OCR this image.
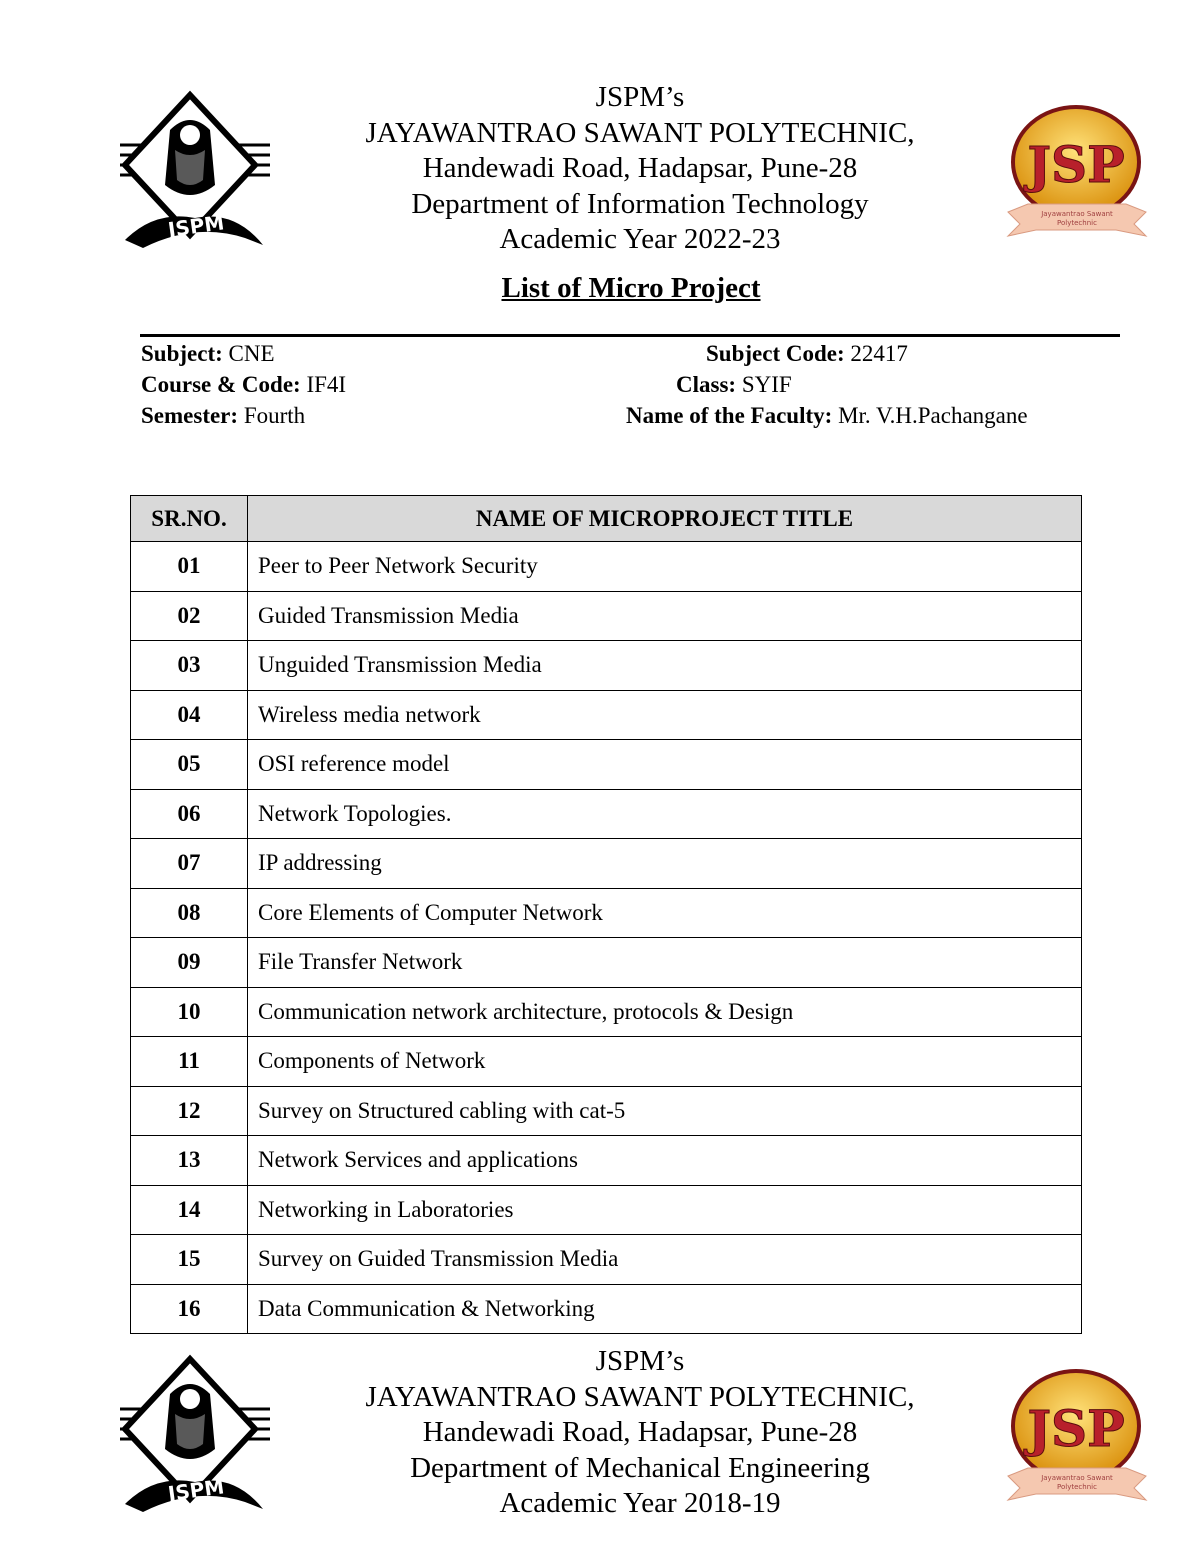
JSPM
JSPM’s
JAYAWANTRAO SAWANT POLYTECHNIC,
Handewadi Road, Hadapsar, Pune-28
Department of Information Technology
Academic Year 2022-23
JSP
Jayawantrao Sawant
Polytechnic
List of Micro Project
Subject: CNE
Course & Code: IF4I
Semester: Fourth
Subject Code: 22417
Class: SYIF
Name of the Faculty: Mr. V.H.Pachangane
SR.NO.	NAME OF MICROPROJECT TITLE
01	Peer to Peer Network Security
02	Guided Transmission Media
03	Unguided Transmission Media
04	Wireless media network
05	OSI reference model
06	Network Topologies.
07	IP addressing
08	Core Elements of Computer Network
09	File Transfer Network
10	Communication network architecture, protocols & Design
11	Components of Network
12	Survey on Structured cabling with cat-5
13	Network Services and applications
14	Networking in Laboratories
15	Survey on Guided Transmission Media
16	Data Communication & Networking
JSPM
JSPM’s
JAYAWANTRAO SAWANT POLYTECHNIC,
Handewadi Road, Hadapsar, Pune-28
Department of Mechanical Engineering
Academic Year 2018-19
JSP
Jayawantrao Sawant
Polytechnic
